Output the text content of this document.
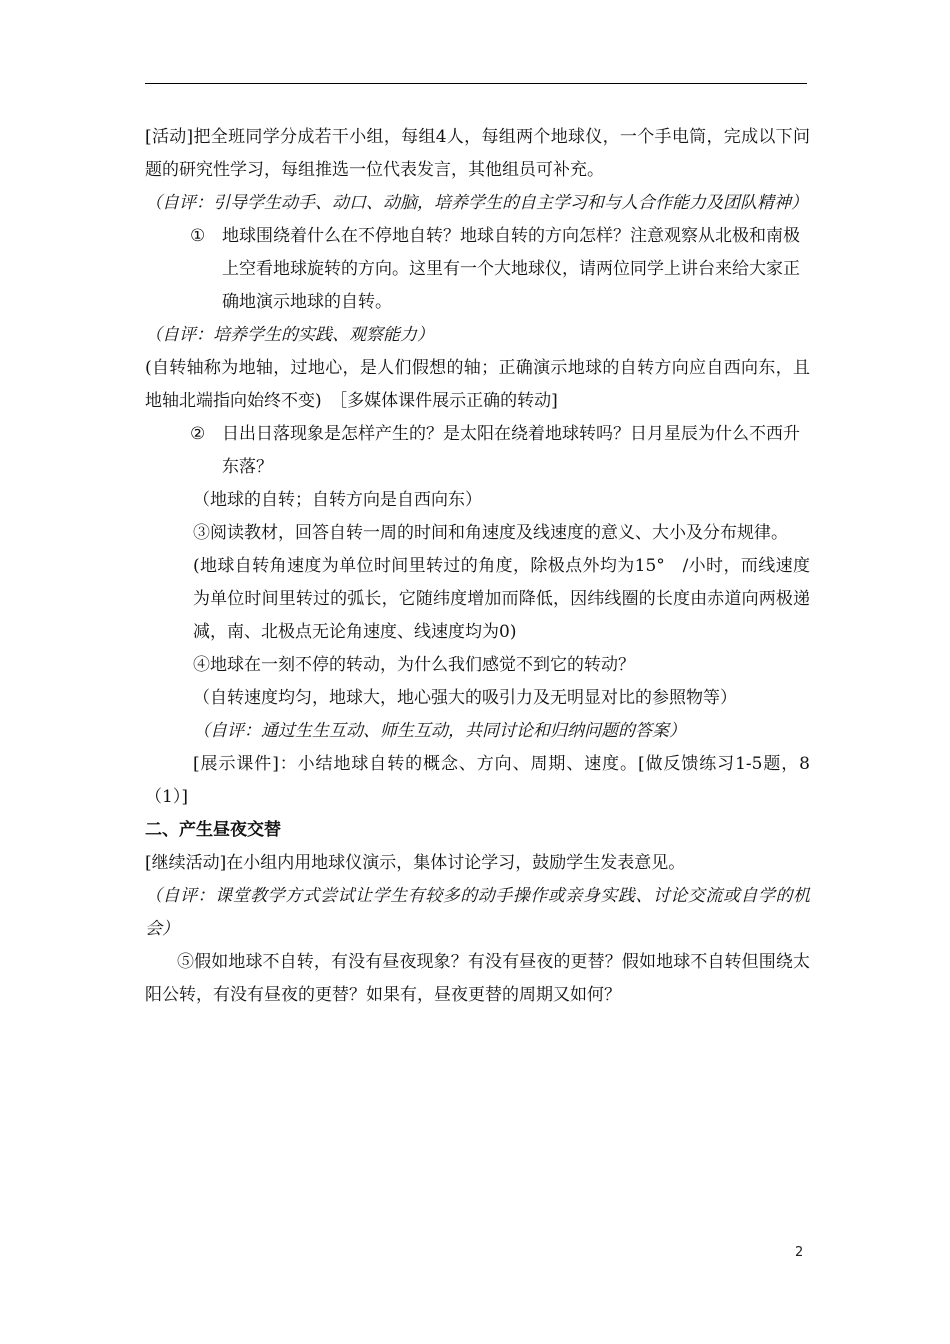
[活动]把全班同学分成若干小组，每组4人，每组两个地球仪，一个手电筒，完成以下问题的研究性学习，每组推选一位代表发言，其他组员可补充。

（自评：引导学生动手、动口、动脑，培养学生的自主学习和与人合作能力及团队精神）

① 地球围绕着什么在不停地自转？地球自转的方向怎样？注意观察从北极和南极上空看地球旋转的方向。这里有一个大地球仪，请两位同学上讲台来给大家正确地演示地球的自转。

（自评：培养学生的实践、观察能力）

(自转轴称为地轴，过地心，是人们假想的轴；正确演示地球的自转方向应自西向东，且地轴北端指向始终不变)　［多媒体课件展示正确的转动]

② 日出日落现象是怎样产生的？是太阳在绕着地球转吗？日月星辰为什么不西升东落？

（地球的自转；自转方向是自西向东）

③阅读教材，回答自转一周的时间和角速度及线速度的意义、大小及分布规律。

(地球自转角速度为单位时间里转过的角度，除极点外均为15°　/小时，而线速度为单位时间里转过的弧长，它随纬度增加而降低，因纬线圈的长度由赤道向两极递减，南、北极点无论角速度、线速度均为0)

④地球在一刻不停的转动，为什么我们感觉不到它的转动？

（自转速度均匀，地球大，地心强大的吸引力及无明显对比的参照物等）

（自评：通过生生互动、师生互动，共同讨论和归纳问题的答案）

[展示课件]：小结地球自转的概念、方向、周期、速度。[做反馈练习1-5题，8（1）]

二、产生昼夜交替

[继续活动]在小组内用地球仪演示，集体讨论学习，鼓励学生发表意见。

（自评：课堂教学方式尝试让学生有较多的动手操作或亲身实践、讨论交流或自学的机会）

⑤假如地球不自转，有没有昼夜现象？有没有昼夜的更替？假如地球不自转但围绕太阳公转，有没有昼夜的更替？如果有，昼夜更替的周期又如何？

2
